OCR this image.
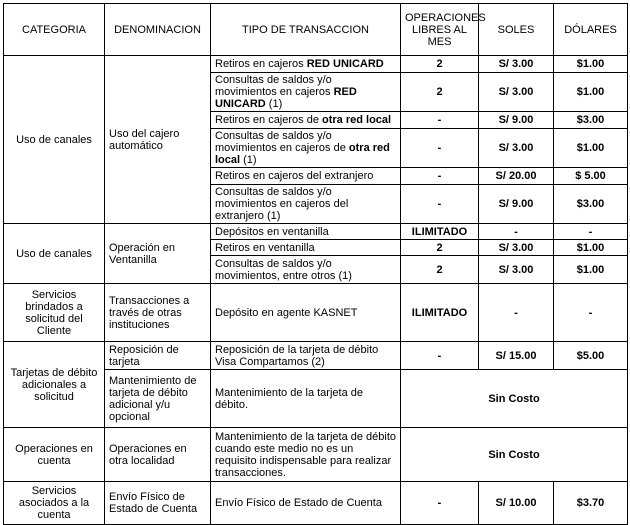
CATEGORIA	DENOMINACION	TIPO DE TRANSACCION	OPERACIONES LIBRES AL MES	SOLES	DÓLARES
Uso de canales	Uso del cajero automático	Retiros en cajeros RED UNICARD	2	S/ 3.00	$1.00
		Consultas de saldos y/o movimientos en cajeros RED UNICARD (1)	2	S/ 3.00	$1.00
		Retiros en cajeros de otra red local	-	S/ 9.00	$3.00
		Consultas de saldos y/o movimientos en cajeros de otra red local (1)	-	S/ 3.00	$1.00
		Retiros en cajeros del extranjero	-	S/ 20.00	$ 5.00
		Consultas de saldos y/o movimientos en cajeros del extranjero (1)	-	S/ 9.00	$3.00
Uso de canales	Operación en Ventanilla	Depósitos en ventanilla	ILIMITADO	-	-
		Retiros en ventanilla	2	S/ 3.00	$1.00
		Consultas de saldos y/o movimientos, entre otros (1)	2	S/ 3.00	$1.00
Servicios brindados a solicitud del Cliente	Transacciones a través de otras instituciones	Depósito en agente KASNET	ILIMITADO	-	-
Tarjetas de débito adicionales a solicitud	Reposición de tarjeta	Reposición de la tarjeta de débito Visa Compartamos (2)	-	S/ 15.00	$5.00
	Mantenimiento de tarjeta de débito adicional y/u opcional	Mantenimiento de la tarjeta de débito.	Sin Costo		
Operaciones en cuenta	Operaciones en otra localidad	Mantenimiento de la tarjeta de débito cuando este medio no es un requisito indispensable para realizar transacciones.	Sin Costo		
Servicios asociados a la cuenta	Envío Físico de Estado de Cuenta	Envío Físico de Estado de Cuenta	-	S/ 10.00	$3.70
